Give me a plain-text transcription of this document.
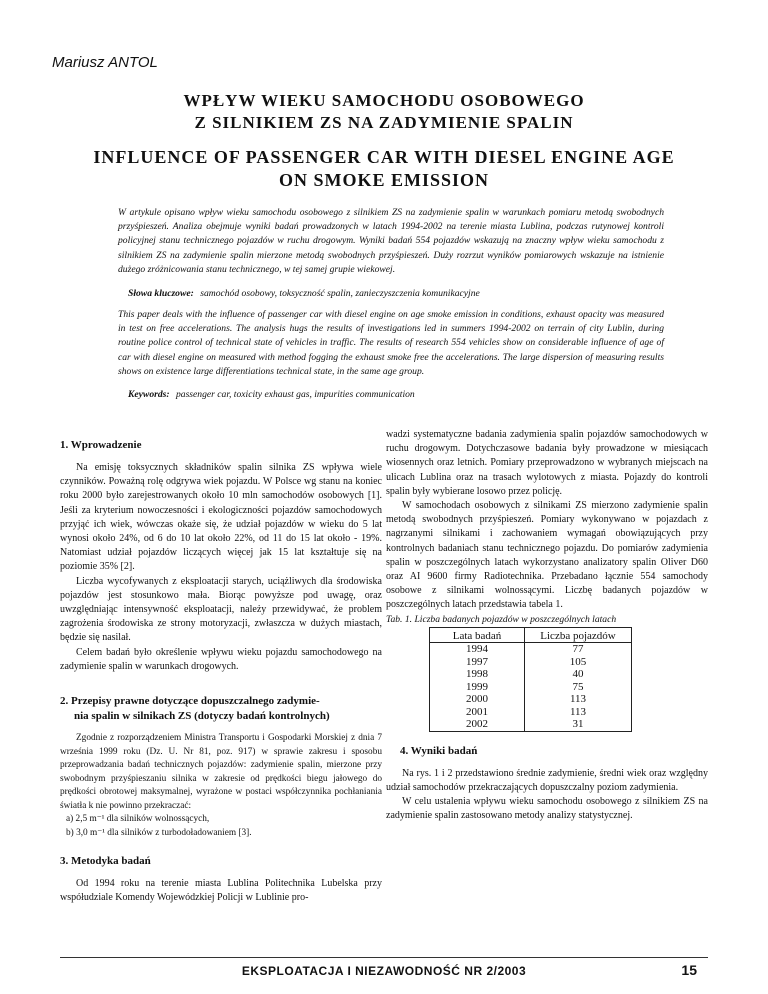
Mariusz ANTOL
WPŁYW WIEKU SAMOCHODU OSOBOWEGO
Z SILNIKIEM ZS NA ZADYMIENIE SPALIN
INFLUENCE OF PASSENGER CAR WITH DIESEL ENGINE AGE
ON SMOKE EMISSION
W artykule opisano wpływ wieku samochodu osobowego z silnikiem ZS na zadymienie spalin w warunkach pomiaru metodą swobodnych przyśpieszeń. Analiza obejmuje wyniki badań prowadzonych w latach 1994-2002 na terenie miasta Lublina, podczas rutynowej kontroli policyjnej stanu technicznego pojazdów w ruchu drogowym. Wyniki badań 554 pojazdów wskazują na znaczny wpływ wieku samochodu z silnikiem ZS na zadymienie spalin mierzone metodą swobodnych przyśpieszeń. Duży rozrzut wyników pomiarowych wskazuje na istnienie dużego zróżnicowania stanu technicznego, w tej samej grupie wiekowej.
Słowa kluczowe: samochód osobowy, toksyczność spalin, zanieczyszczenia komunikacyjne
This paper deals with the influence of passenger car with diesel engine on age smoke emission in conditions, exhaust opacity was measured in test on free accelerations. The analysis hugs the results of investigations led in summers 1994-2002 on terrain of city Lublin, during routine police control of technical state of vehicles in traffic. The results of research 554 vehicles show on considerable influence of age of car with diesel engine on measured with method fogging the exhaust smoke free the accelerations. The large dispersion of measuring results shows on existence large differentiations technical state, in the same age group.
Keywords: passenger car, toxicity exhaust gas, impurities communication
1. Wprowadzenie

Na emisję toksycznych składników spalin silnika ZS wpływa wiele czynników. Poważną rolę odgrywa wiek pojazdu. W Polsce wg stanu na koniec roku 2000 było zarejestrowanych około 10 mln samochodów osobowych [1]. Jeśli za kryterium nowoczesności i ekologiczności pojazdów samochodowych przyjąć ich wiek, wówczas okaże się, że udział pojazdów w wieku do 5 lat wynosi około 24%, od 6 do 10 lat około 22%, od 11 do 15 lat około - 19%. Natomiast udział pojazdów liczących więcej jak 15 lat kształtuje się na poziomie 35% [2].

Liczba wycofywanych z eksploatacji starych, uciążliwych dla środowiska pojazdów jest stosunkowo mała. Biorąc powyższe pod uwagę, oraz uwzględniając intensywność eksploatacji, należy przewidywać, że problem zagrożenia środowiska ze strony motoryzacji, zwłaszcza w dużych miastach, będzie się nasilał.

Celem badań było określenie wpływu wieku pojazdu samochodowego na zadymienie spalin w warunkach drogowych.

2. Przepisy prawne dotyczące dopuszczalnego zadymie-
nia spalin w silnikach ZS (dotyczy badań kontrolnych)

Zgodnie z rozporządzeniem Ministra Transportu i Gospodarki Morskiej z dnia 7 września 1999 roku (Dz. U. Nr 81, poz. 917) w sprawie zakresu i sposobu przeprowadzania badań technicznych pojazdów: zadymienie spalin, mierzone przy swobodnym przyśpieszaniu silnika w zakresie od prędkości biegu jałowego do prędkości obrotowej maksymalnej, wyrażone w postaci współczynnika pochłaniania światła k nie powinno przekraczać:

a) 2,5 m⁻¹ dla silników wolnossących,
b) 3,0 m⁻¹ dla silników z turbodoładowaniem [3].
3. Metodyka badań

Od 1994 roku na terenie miasta Lublina Politechnika Lubelska przy współudziale Komendy Wojewódzkiej Policji w Lublinie pro-

wadzi systematyczne badania zadymienia spalin pojazdów samochodowych w ruchu drogowym. Dotychczasowe badania były prowadzone w miesiącach wiosennych oraz letnich. Pomiary przeprowadzono w wybranych miejscach na ulicach Lublina oraz na trasach wylotowych z miasta. Pojazdy do kontroli spalin były wybierane losowo przez policję.

W samochodach osobowych z silnikami ZS mierzono zadymienie spalin metodą swobodnych przyśpieszeń. Pomiary wykonywano w pojazdach z nagrzanymi silnikami i zachowaniem wymagań obowiązujących przy kontrolnych badaniach stanu technicznego pojazdu. Do pomiarów zadymienia spalin w poszczególnych latach wykorzystano analizatory spalin Oliver D60 oraz AI 9600 firmy Radiotechnika. Przebadano łącznie 554 samochody osobowe z silnikami wolnossącymi. Liczbę badanych pojazdów w poszczególnych latach przedstawia tabela 1.

Tab. 1. Liczba badanych pojazdów w poszczególnych latach

Lata badań	Liczba pojazdów
1994	77
1997	105
1998	40
1999	75
2000	113
2001	113
2002	31
4. Wyniki badań

Na rys. 1 i 2 przedstawiono średnie zadymienie, średni wiek oraz względny udział samochodów przekraczających dopuszczalny poziom zadymienia.

W celu ustalenia wpływu wieku samochodu osobowego z silnikiem ZS na zadymienie spalin zastosowano metody analizy statystycznej.

EKSPLOATACJA I NIEZAWODNOŚĆ NR 2/2003	15
